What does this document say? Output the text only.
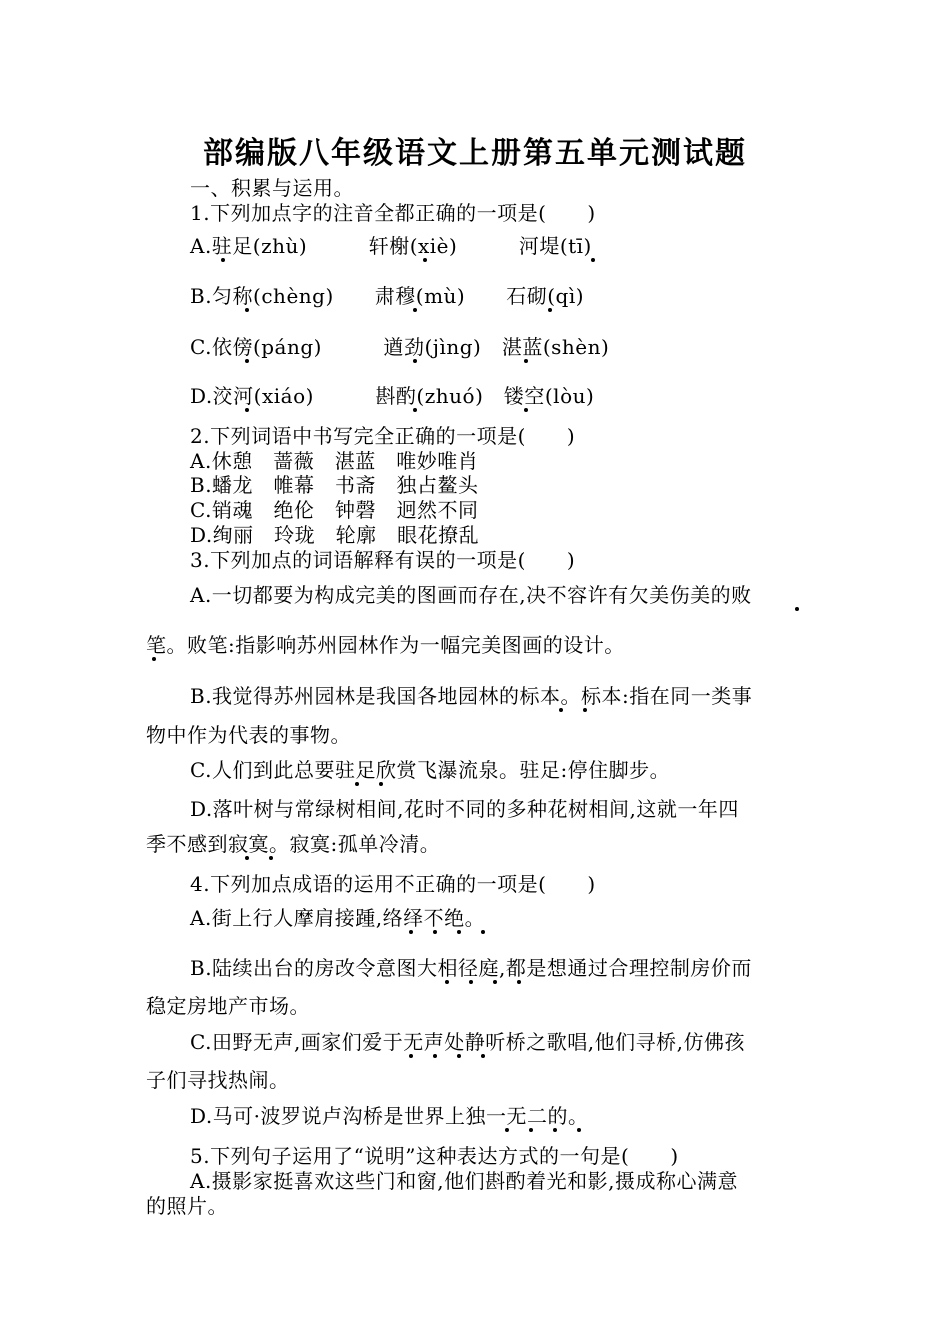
部编版八年级语文上册第五单元测试题

一、积累与运用。

1.下列加点字的注音全都正确的一项是(　　)

A.驻足(zhù)　　　轩榭(xiè)　　　河堤(tī)

B.匀称(chèng)　　肃穆(mù)　　石砌(qì)

C.依傍(páng)　　　遒劲(jìng)　湛蓝(shèn)

D.洨河(xiáo)　　　斟酌(zhuó)　镂空(lòu)

2.下列词语中书写完全正确的一项是(　　)

A.休憩　蔷薇　湛蓝　唯妙唯肖

B.蟠龙　帷幕　书斋　独占鳌头

C.销魂　绝伦　钟磬　迥然不同

D.绚丽　玲珑　轮廓　眼花撩乱

3.下列加点的词语解释有误的一项是(　　)

A.一切都要为构成完美的图画而存在,决不容许有欠美伤美的败

笔。败笔:指影响苏州园林作为一幅完美图画的设计。

B.我觉得苏州园林是我国各地园林的标本。标本:指在同一类事

物中作为代表的事物。

C.人们到此总要驻足欣赏飞瀑流泉。驻足:停住脚步。

D.落叶树与常绿树相间,花时不同的多种花树相间,这就一年四

季不感到寂寞。寂寞:孤单冷清。

4.下列加点成语的运用不正确的一项是(　　)

A.街上行人摩肩接踵,络绎不绝。

B.陆续出台的房改令意图大相径庭,都是想通过合理控制房价而

稳定房地产市场。

C.田野无声,画家们爱于无声处静听桥之歌唱,他们寻桥,仿佛孩

子们寻找热闹。

D.马可·波罗说卢沟桥是世界上独一无二的。

5.下列句子运用了“说明”这种表达方式的一句是(　　)

A.摄影家挺喜欢这些门和窗,他们斟酌着光和影,摄成称心满意

的照片。
